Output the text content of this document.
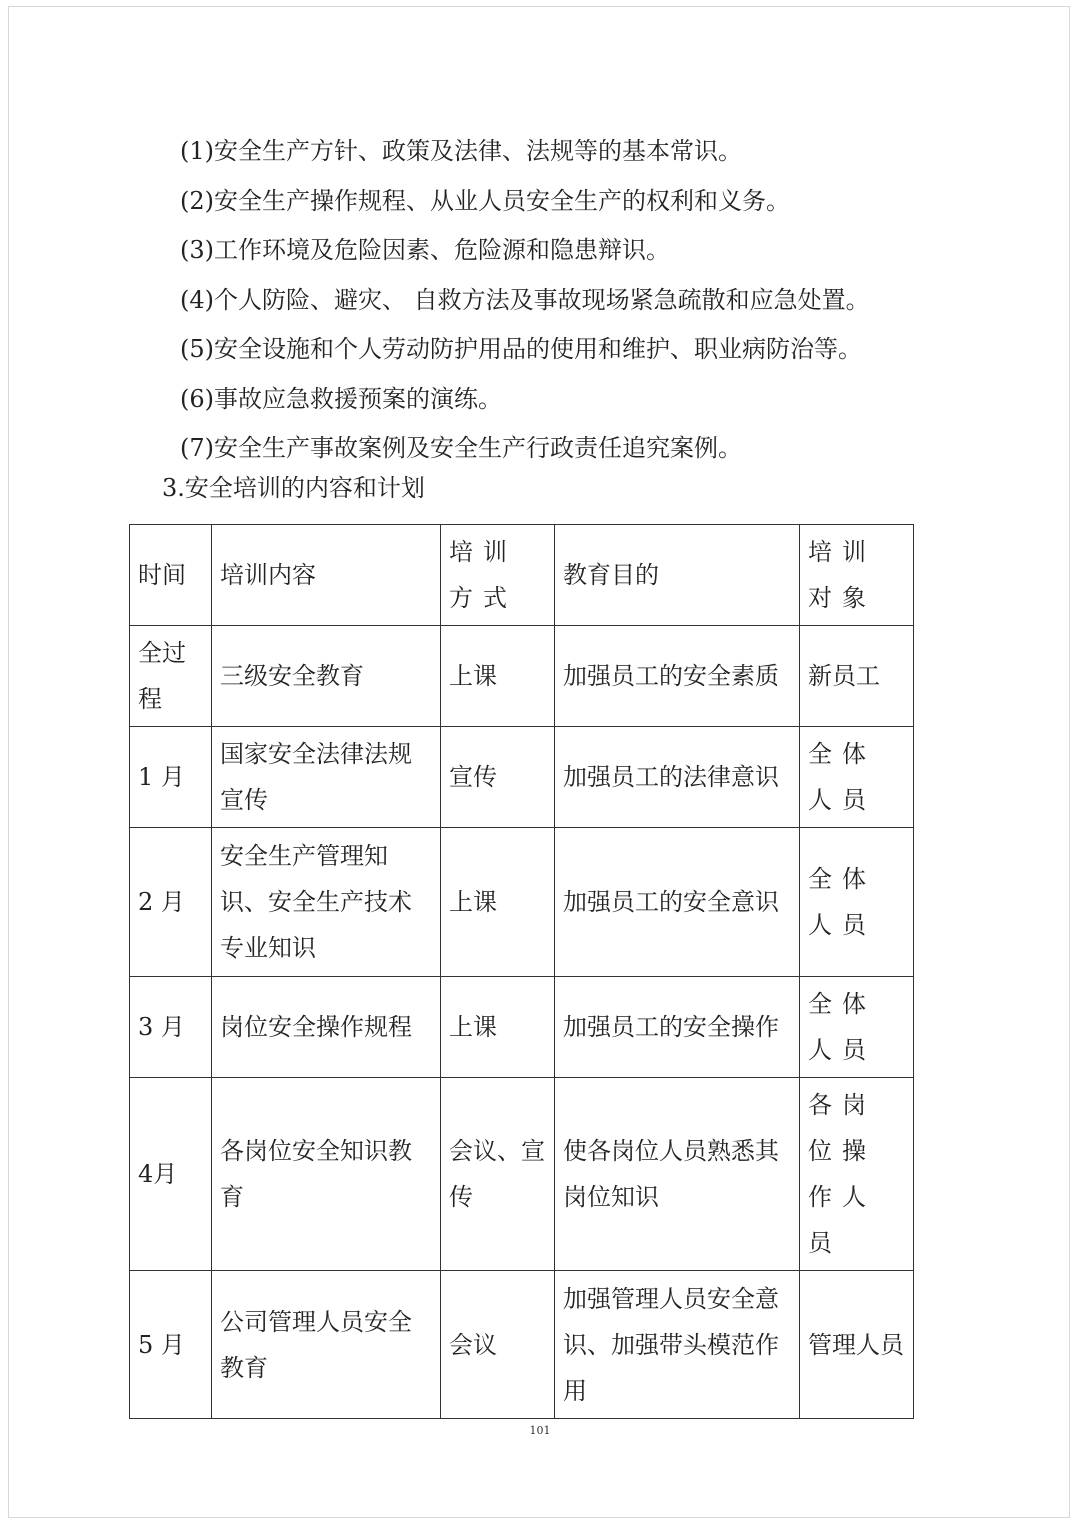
(1)安全生产方针、政策及法律、法规等的基本常识。
(2)安全生产操作规程、从业人员安全生产的权利和义务。
(3)工作环境及危险因素、危险源和隐患辩识。
(4)个人防险、避灾、 自救方法及事故现场紧急疏散和应急处置。
(5)安全设施和个人劳动防护用品的使用和维护、职业病防治等。
(6)事故应急救援预案的演练。
(7)安全生产事故案例及安全生产行政责任追究案例。
3.安全培训的内容和计划
时间	培训内容	培训方式	教育目的	培训对象
全过程	三级安全教育	上课	加强员工的安全素质	新员工
1 月	国家安全法律法规宣传	宣传	加强员工的法律意识	全体人员
2 月	安全生产管理知识、安全生产技术专业知识	上课	加强员工的安全意识	全体人员
3 月	岗位安全操作规程	上课	加强员工的安全操作	全体人员
4月	各岗位安全知识教育	会议、宣传	使各岗位人员熟悉其岗位知识	各岗位操作人员
5 月	公司管理人员安全教育	会议	加强管理人员安全意识、加强带头模范作用	管理人员
101
